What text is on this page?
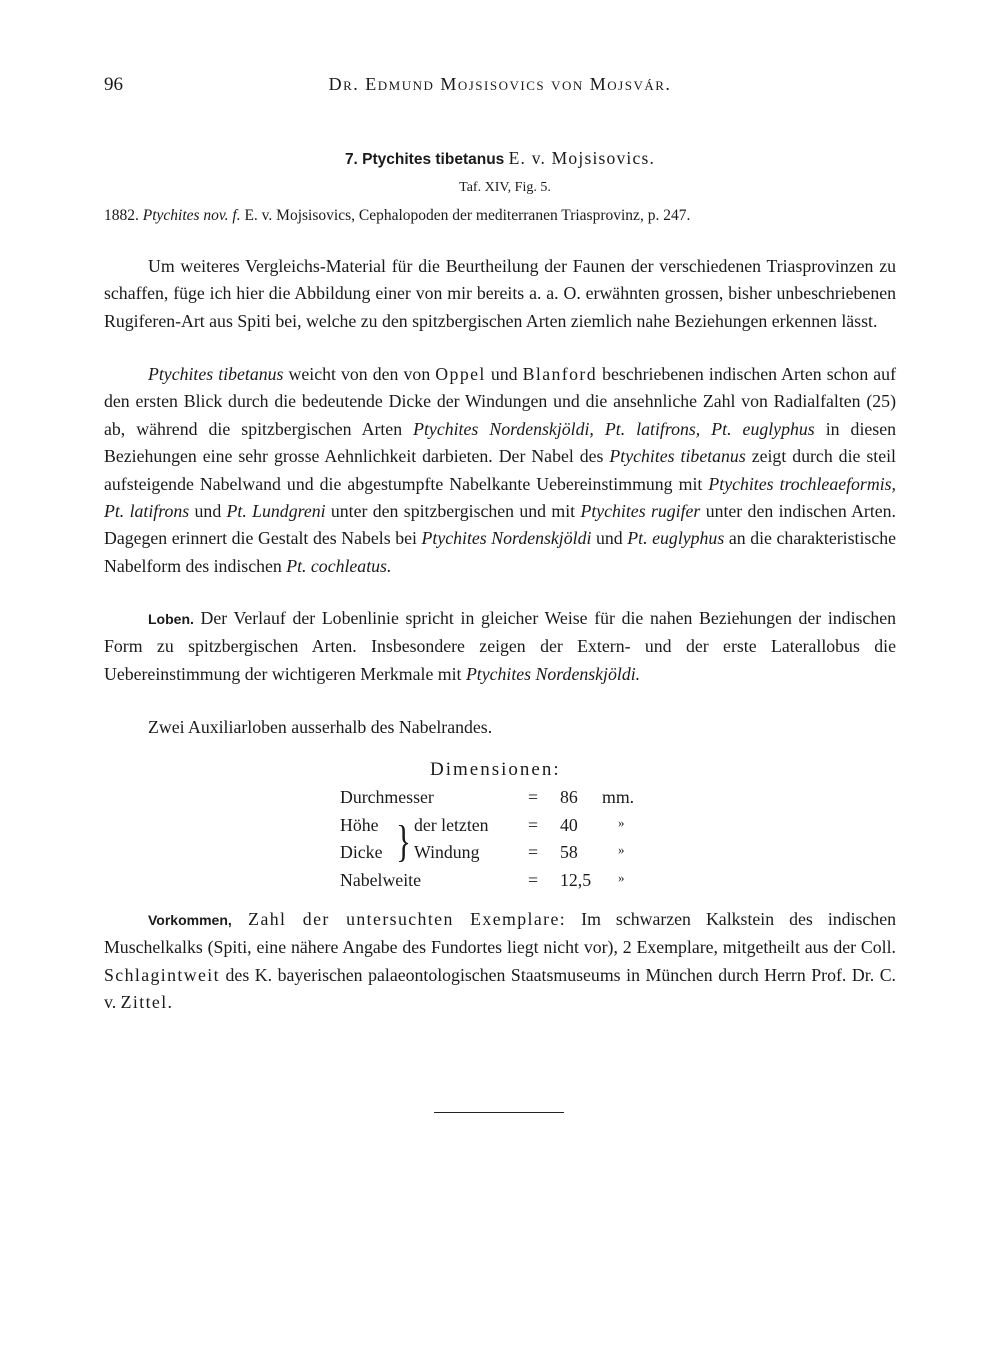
96	Dr. Edmund Mojsisovics von Mojsvár.
7. Ptychites tibetanus E. v. Mojsisovics.
Taf. XIV, Fig. 5.
1882. Ptychites nov. f. E. v. Mojsisovics, Cephalopoden der mediterranen Triasprovinz, p. 247.
Um weiteres Vergleichs-Material für die Beurtheilung der Faunen der verschiedenen Triasprovinzen zu schaffen, füge ich hier die Abbildung einer von mir bereits a. a. O. erwähnten grossen, bisher unbeschriebenen Rugiferen-Art aus Spiti bei, welche zu den spitzbergischen Arten ziemlich nahe Beziehungen erkennen lässt.
Ptychites tibetanus weicht von den von Oppel und Blanford beschriebenen indischen Arten schon auf den ersten Blick durch die bedeutende Dicke der Windungen und die ansehnliche Zahl von Radialfalten (25) ab, während die spitzbergischen Arten Ptychites Nordenskjöldi, Pt. latifrons, Pt. euglyphus in diesen Beziehungen eine sehr grosse Aehnlichkeit darbieten. Der Nabel des Ptychites tibetanus zeigt durch die steil aufsteigende Nabelwand und die abgestumpfte Nabelkante Uebereinstimmung mit Ptychites trochleaeformis, Pt. latifrons und Pt. Lundgreni unter den spitzbergischen und mit Ptychites rugifer unter den indischen Arten. Dagegen erinnert die Gestalt des Nabels bei Ptychites Nordenskjöldi und Pt. euglyphus an die charakteristische Nabelform des indischen Pt. cochleatus.
Loben. Der Verlauf der Lobenlinie spricht in gleicher Weise für die nahen Beziehungen der indischen Form zu spitzbergischen Arten. Insbesondere zeigen der Extern- und der erste Laterallobus die Uebereinstimmung der wichtigeren Merkmale mit Ptychites Nordenskjöldi.
Zwei Auxiliarloben ausserhalb des Nabelrandes.
Dimensionen:
Durchmesser	= 86 mm.
Höhe der letzten = 40	»
Dicke Windung	= 58	»
Nabelweite	= 12,5 »
}
Vorkommen, Zahl der untersuchten Exemplare: Im schwarzen Kalkstein des indischen Muschelkalks (Spiti, eine nähere Angabe des Fundortes liegt nicht vor), 2 Exemplare, mitgetheilt aus der Coll. Schlagintweit des K. bayerischen palaeontologischen Staatsmuseums in München durch Herrn Prof. Dr. C. v. Zittel.
